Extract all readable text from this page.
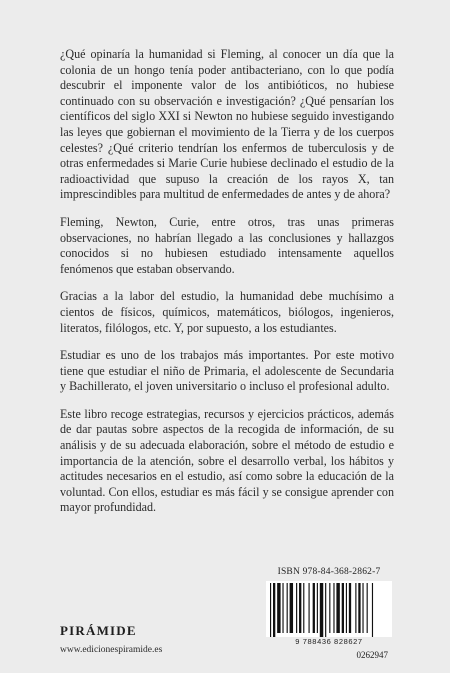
¿Qué opinaría la humanidad si Fleming, al conocer un día que la colonia de un hongo tenía poder antibacteriano, con lo que podía descubrir el imponente valor de los antibióticos, no hubiese continuado con su observación e investigación? ¿Qué pensarían los científicos del siglo XXI si Newton no hubiese seguido investigando las leyes que gobiernan el movimiento de la Tierra y de los cuerpos celestes? ¿Qué criterio tendrían los enfermos de tuberculosis y de otras enfermedades si Marie Curie hubiese declinado el estudio de la radioactividad que supuso la creación de los rayos X, tan imprescindibles para multitud de enfermedades de antes y de ahora?

Fleming, Newton, Curie, entre otros, tras unas primeras observaciones, no habrían llegado a las conclusiones y hallazgos conocidos si no hubiesen estudiado intensamente aquellos fenómenos que estaban observando.

Gracias a la labor del estudio, la humanidad debe muchísimo a cientos de físicos, químicos, matemáticos, biólogos, ingenieros, literatos, filólogos, etc. Y, por supuesto, a los estudiantes.

Estudiar es uno de los trabajos más importantes. Por este motivo tiene que estudiar el niño de Primaria, el adolescente de Secundaria y Bachillerato, el joven universitario o incluso el profesional adulto.

Este libro recoge estrategias, recursos y ejercicios prácticos, además de dar pautas sobre aspectos de la recogida de información, de su análisis y de su adecuada elaboración, sobre el método de estudio e importancia de la atención, sobre el desarrollo verbal, los hábitos y actitudes necesarios en el estudio, así como sobre la educación de la voluntad. Con ellos, estudiar es más fácil y se consigue aprender con mayor profundidad.

ISBN 978-84-368-2862-7
9 788436 828627
0262947
PIRÁMIDE
www.edicionespiramide.es
